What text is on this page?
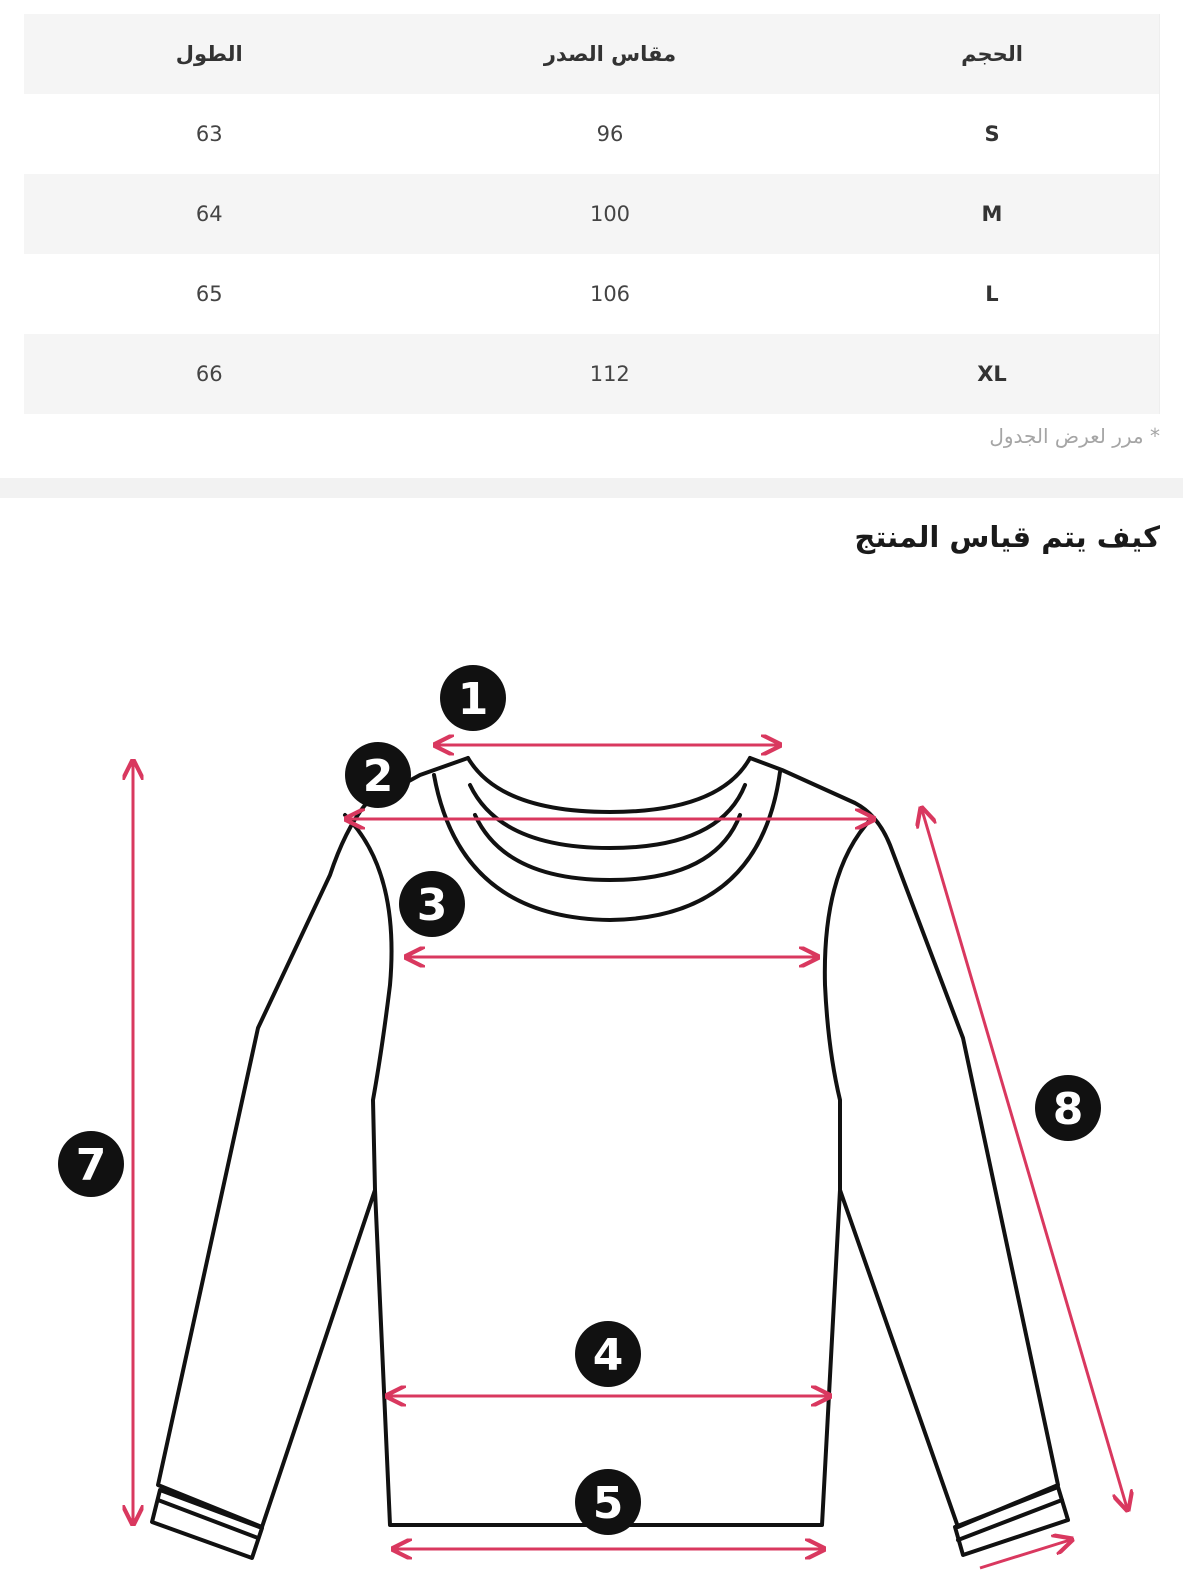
الحجم	مقاس الصدر	الطول
S	96	63
M	100	64
L	106	65
XL	112	66
* مرر لعرض الجدول
كيف يتم قياس المنتج
1
2
3
4
5
7
8
